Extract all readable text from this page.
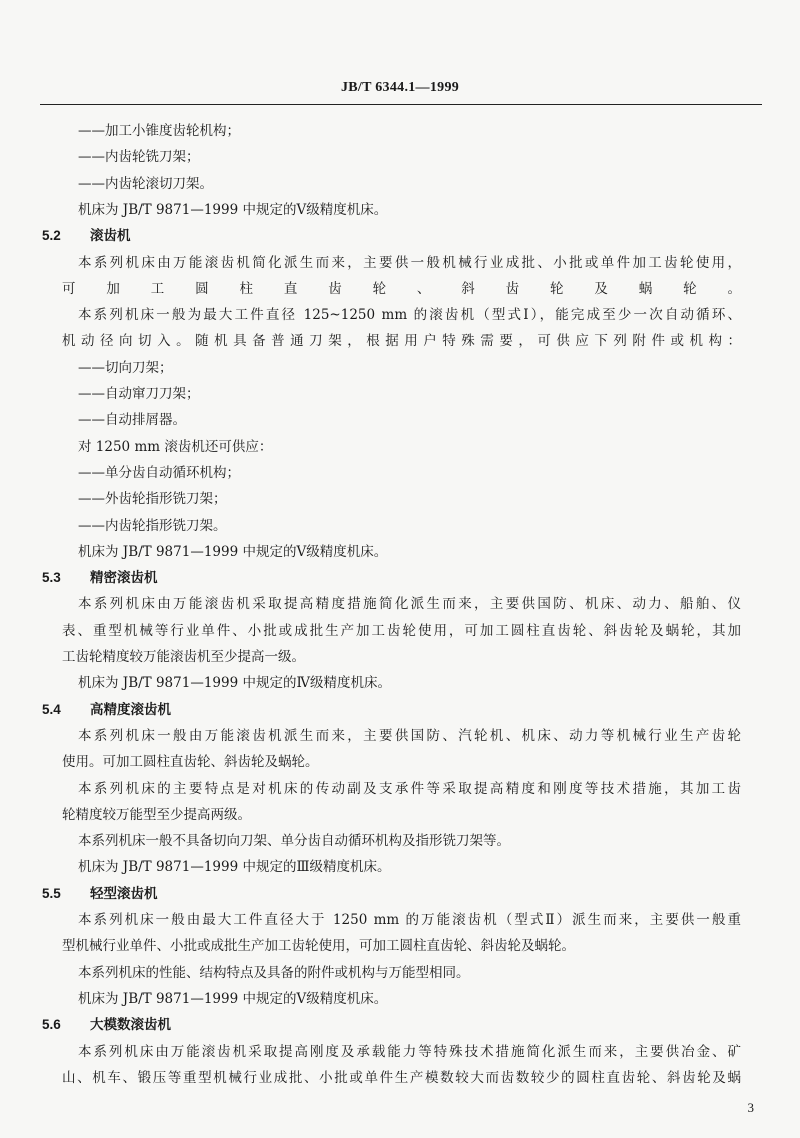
JB/T 6344.1—1999
——加工小锥度齿轮机构；
——内齿轮铣刀架；
——内齿轮滚切刀架。
机床为 JB/T 9871—1999 中规定的Ⅴ级精度机床。
5.2 滚齿机
本系列机床由万能滚齿机简化派生而来，主要供一般机械行业成批、小批或单件加工齿轮使用，
可加工圆柱直齿轮、斜齿轮及蜗轮。
本系列机床一般为最大工件直径 125~1250 mm 的滚齿机（型式Ⅰ），能完成至少一次自动循环、
机动径向切入。随机具备普通刀架，根据用户特殊需要，可供应下列附件或机构：
——切向刀架；
——自动窜刀刀架；
——自动排屑器。
对 1250 mm 滚齿机还可供应：
——单分齿自动循环机构；
——外齿轮指形铣刀架；
——内齿轮指形铣刀架。
机床为 JB/T 9871—1999 中规定的Ⅴ级精度机床。
5.3 精密滚齿机
本系列机床由万能滚齿机采取提高精度措施简化派生而来，主要供国防、机床、动力、船舶、仪
表、重型机械等行业单件、小批或成批生产加工齿轮使用，可加工圆柱直齿轮、斜齿轮及蜗轮，其加
工齿轮精度较万能滚齿机至少提高一级。
机床为 JB/T 9871—1999 中规定的Ⅳ级精度机床。
5.4 高精度滚齿机
本系列机床一般由万能滚齿机派生而来，主要供国防、汽轮机、机床、动力等机械行业生产齿轮
使用。可加工圆柱直齿轮、斜齿轮及蜗轮。
本系列机床的主要特点是对机床的传动副及支承件等采取提高精度和刚度等技术措施，其加工齿
轮精度较万能型至少提高两级。
本系列机床一般不具备切向刀架、单分齿自动循环机构及指形铣刀架等。
机床为 JB/T 9871—1999 中规定的Ⅲ级精度机床。
5.5 轻型滚齿机
本系列机床一般由最大工件直径大于 1250 mm 的万能滚齿机（型式Ⅱ）派生而来，主要供一般重
型机械行业单件、小批或成批生产加工齿轮使用，可加工圆柱直齿轮、斜齿轮及蜗轮。
本系列机床的性能、结构特点及具备的附件或机构与万能型相同。
机床为 JB/T 9871—1999 中规定的Ⅴ级精度机床。
5.6 大模数滚齿机
本系列机床由万能滚齿机采取提高刚度及承载能力等特殊技术措施简化派生而来，主要供冶金、矿
山、机车、锻压等重型机械行业成批、小批或单件生产模数较大而齿数较少的圆柱直齿轮、斜齿轮及蜗
3
